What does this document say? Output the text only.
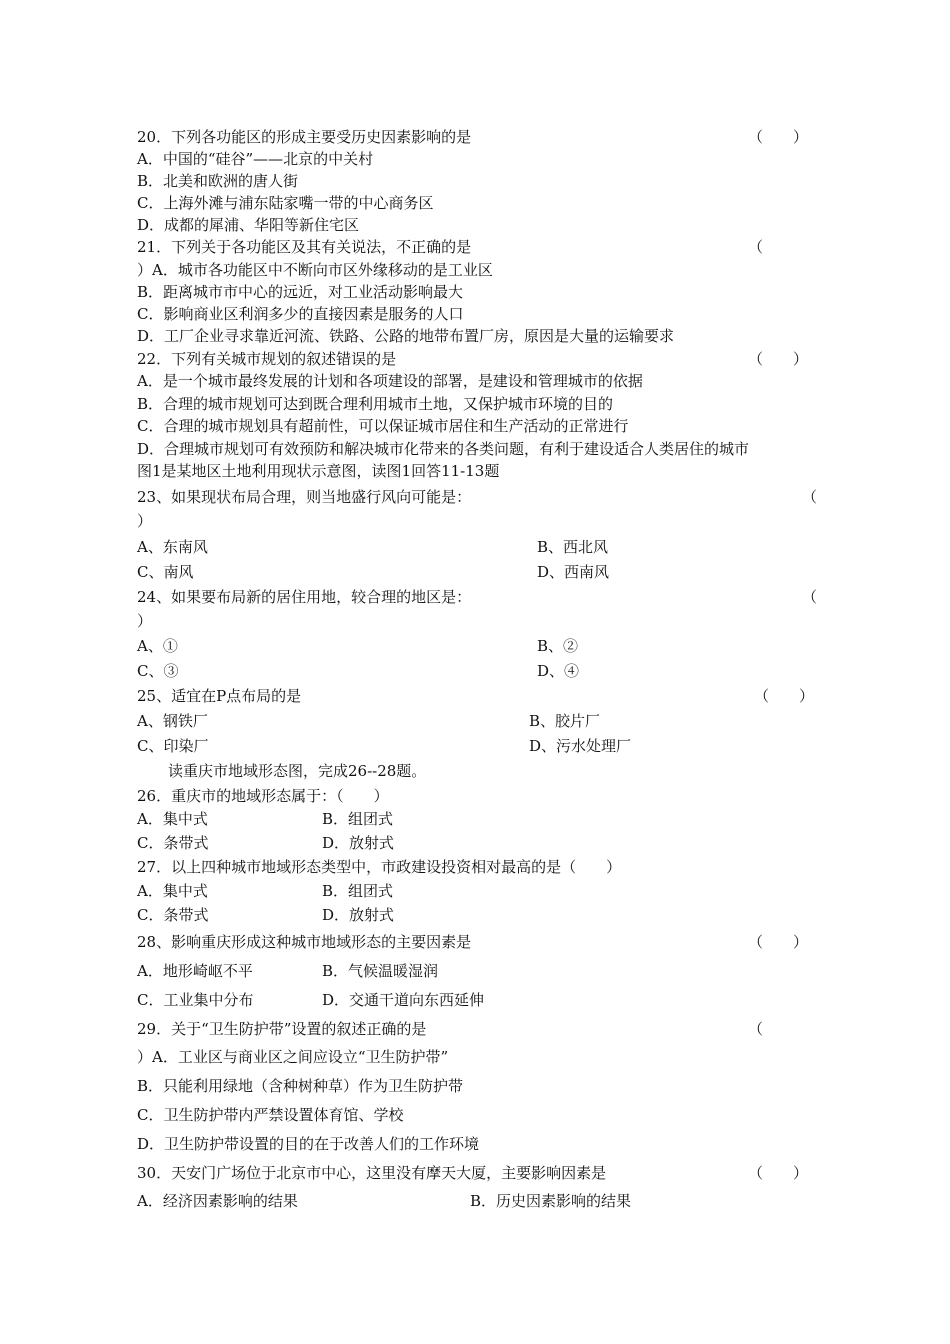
20．下列各功能区的形成主要受历史因素影响的是	（　　）
A．中国的“硅谷”——北京的中关村
B．北美和欧洲的唐人街
C．上海外滩与浦东陆家嘴一带的中心商务区
D．成都的犀浦、华阳等新住宅区
21．下列关于各功能区及其有关说法，不正确的是	（
）A．城市各功能区中不断向市区外缘移动的是工业区
B．距离城市市中心的远近，对工业活动影响最大
C．影响商业区利润多少的直接因素是服务的人口
D．工厂企业寻求靠近河流、铁路、公路的地带布置厂房，原因是大量的运输要求
22．下列有关城市规划的叙述错误的是	（　　）
A．是一个城市最终发展的计划和各项建设的部署，是建设和管理城市的依据
B．合理的城市规划可达到既合理利用城市土地，又保护城市环境的目的
C．合理的城市规划具有超前性，可以保证城市居住和生产活动的正常进行
D．合理城市规划可有效预防和解决城市化带来的各类问题，有利于建设适合人类居住的城市
图1是某地区土地利用现状示意图，读图1回答11-13题
23、如果现状布局合理，则当地盛行风向可能是：	（
）
A、东南风	B、西北风
C、南风	D、西南风
24、如果要布局新的居住用地，较合理的地区是：	（
）
A、①	B、②
C、③	D、④
25、适宜在P点布局的是	（　　）
A、钢铁厂	B、胶片厂
C、印染厂	D、污水处理厂
读重庆市地域形态图，完成26--28题。
26．重庆市的地域形态属于：（　　）
A．集中式	B．组团式
C．条带式	D．放射式
27．以上四种城市地域形态类型中，市政建设投资相对最高的是（　　）
A．集中式	B．组团式
C．条带式	D．放射式
28、影响重庆形成这种城市地域形态的主要因素是	（　　）
A．地形崎岖不平	B．气候温暖湿润
C．工业集中分布	D．交通干道向东西延伸
29．关于“卫生防护带”设置的叙述正确的是	（
）A．工业区与商业区之间应设立“卫生防护带”
B．只能利用绿地（含种树种草）作为卫生防护带
C．卫生防护带内严禁设置体育馆、学校
D．卫生防护带设置的目的在于改善人们的工作环境
30．天安门广场位于北京市中心，这里没有摩天大厦，主要影响因素是	（　　）
A．经济因素影响的结果	B．历史因素影响的结果
